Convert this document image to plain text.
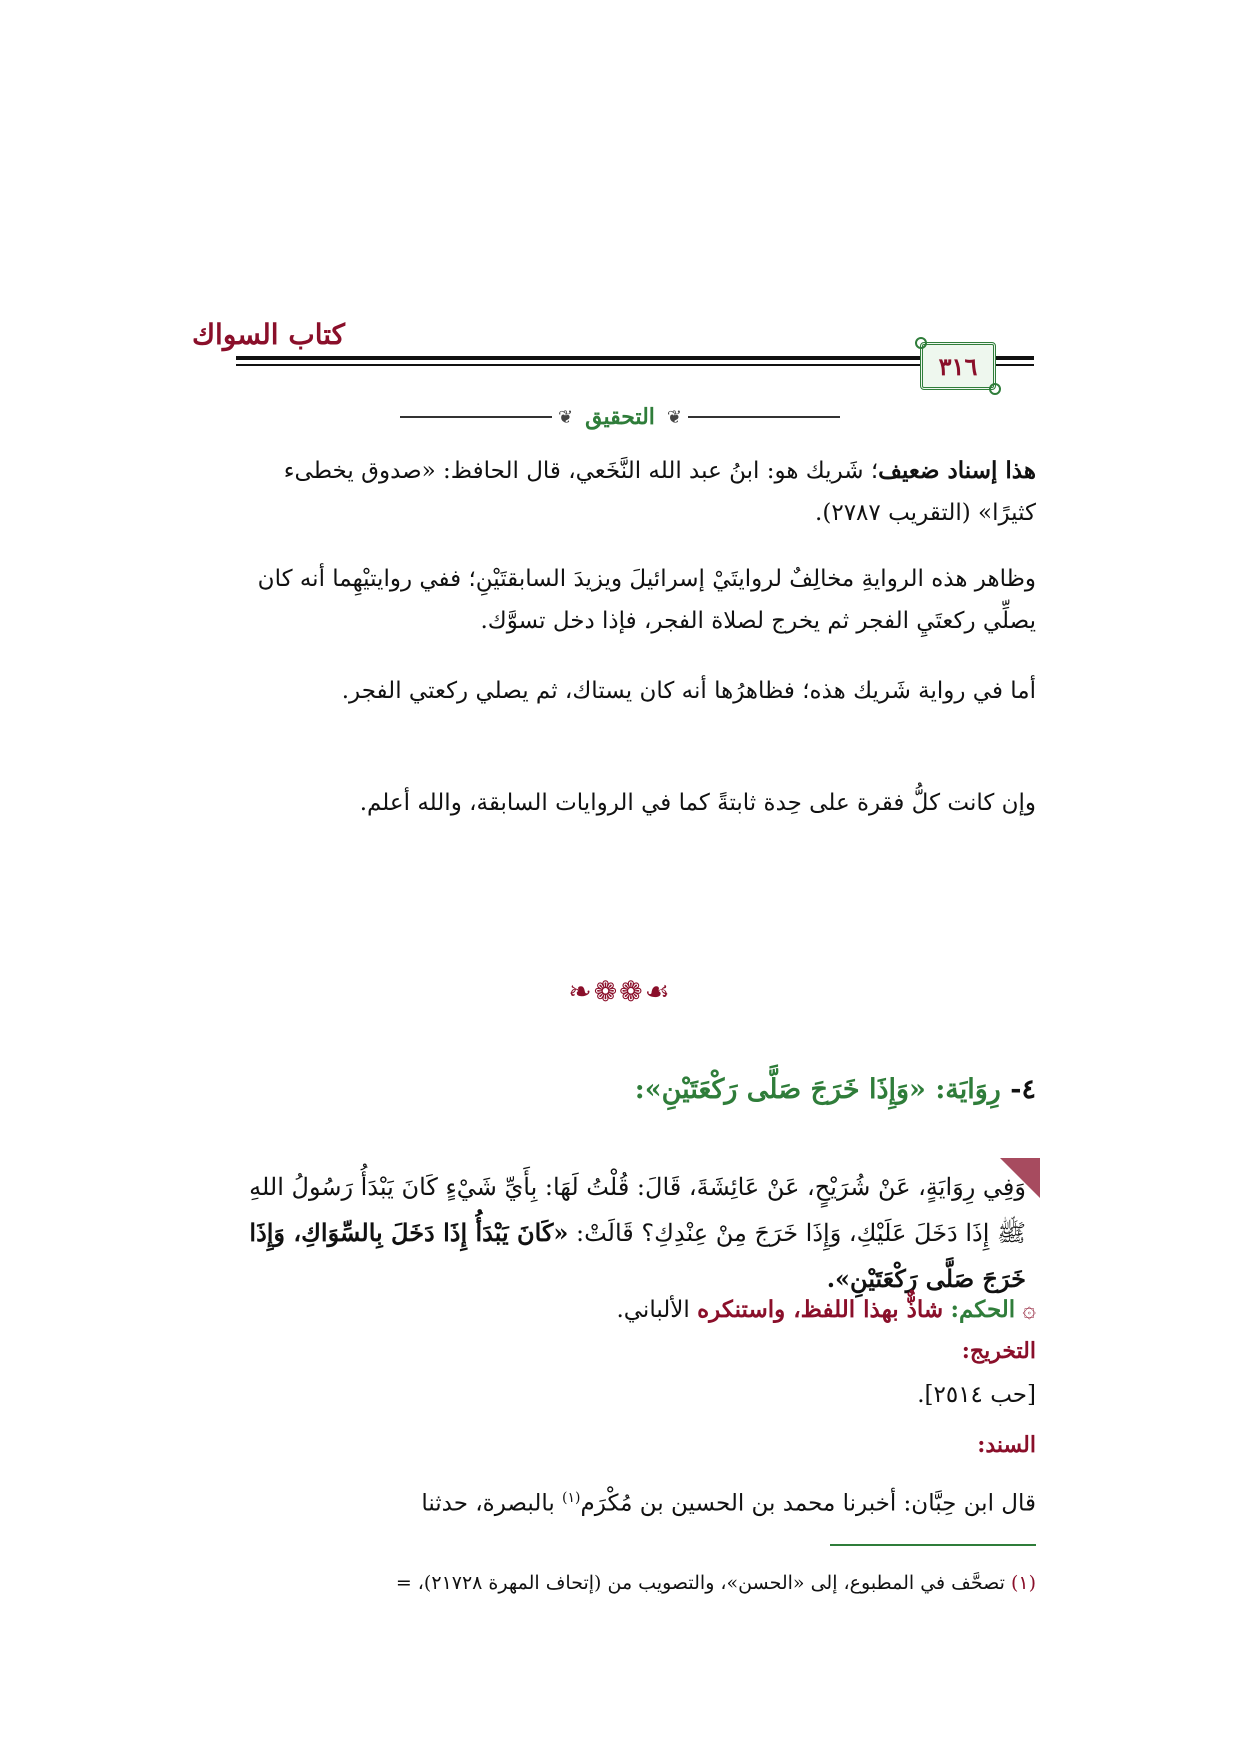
كتاب السواك
٣١٦
❦ التحقيق ❦

هذا إسناد ضعيف؛ شَريك هو: ابنُ عبد الله النَّخَعي، قال الحافظ: «صدوق يخطىء كثيرًا» (التقريب ٢٧٨٧).

وظاهر هذه الروايةِ مخالِفٌ لروايتَيْ إسرائيلَ ويزيدَ السابقتَيْنِ؛ ففي روايتيْهِما أنه كان يصلِّي ركعتَيِ الفجر ثم يخرج لصلاة الفجر، فإذا دخل تسوَّك.

أما في رواية شَريك هذه؛ فظاهرُها أنه كان يستاك، ثم يصلي ركعتي الفجر.

وإن كانت كلُّ فقرة على حِدة ثابتةً كما في الروايات السابقة، والله أعلم.

❧❁❁☙
٤- رِوَايَة: «وَإِذَا خَرَجَ صَلَّى رَكْعَتَيْنِ»:

وَفِي رِوَايَةٍ، عَنْ شُرَيْحٍ، عَنْ عَائِشَةَ، قَالَ: قُلْتُ لَهَا: بِأَيِّ شَيْءٍ كَانَ يَبْدَأُ رَسُولُ اللهِ ﷺ إِذَا دَخَلَ عَلَيْكِ، وَإِذَا خَرَجَ مِنْ عِنْدِكِ؟ قَالَتْ: «كَانَ يَبْدَأُ إِذَا دَخَلَ بِالسِّوَاكِ، وَإِذَا خَرَجَ صَلَّى رَكْعَتَيْنِ».

۞ الحكم: شاذٌّ بهذا اللفظ، واستنكره الألباني.

التخريج:
[حب ٢٥١٤].
السند:

قال ابن حِبَّان: أخبرنا محمد بن الحسين بن مُكْرَم$^{(١)}$ بالبصرة، حدثنا

(١) تصحَّف في المطبوع، إلى «الحسن»، والتصويب من (إتحاف المهرة ٢١٧٢٨)، =
